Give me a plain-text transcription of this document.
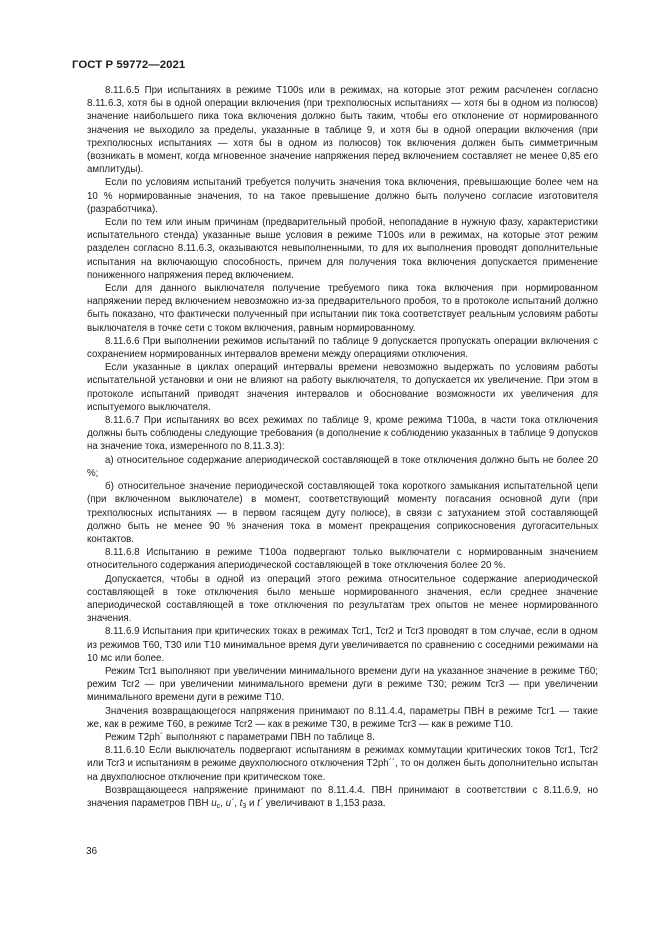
ГОСТ Р 59772—2021

8.11.6.5 При испытаниях в режиме T100s или в режимах, на которые этот режим расчленен согласно 8.11.6.3, хотя бы в одной операции включения (при трехполюсных испытаниях — хотя бы в одном из полюсов) значение наибольшего пика тока включения должно быть таким, чтобы его отклонение от нормированного значения не выходило за пределы, указанные в таблице 9, и хотя бы в одной операции включения (при трехполюсных испытаниях — хотя бы в одном из полюсов) ток включения должен быть симметричным (возникать в момент, когда мгновенное значение напряжения перед включением составляет не менее 0,85 его амплитуды).

Если по условиям испытаний требуется получить значения тока включения, превышающие более чем на 10 % нормированные значения, то на такое превышение должно быть получено согласие изготовителя (разработчика).

Если по тем или иным причинам (предварительный пробой, непопадание в нужную фазу, характеристики испытательного стенда) указанные выше условия в режиме T100s или в режимах, на которые этот режим разделен согласно 8.11.6.3, оказываются невыполненными, то для их выполнения проводят дополнительные испытания на включающую способность, причем для получения тока включения допускается применение пониженного напряжения перед включением.

Если для данного выключателя получение требуемого пика тока включения при нормированном напряжении перед включением невозможно из-за предварительного пробоя, то в протоколе испытаний должно быть показано, что фактически полученный при испытании пик тока соответствует реальным условиям работы выключателя в точке сети с током включения, равным нормированному.

8.11.6.6 При выполнении режимов испытаний по таблице 9 допускается пропускать операции включения с сохранением нормированных интервалов времени между операциями отключения.

Если указанные в циклах операций интервалы времени невозможно выдержать по условиям работы испытательной установки и они не влияют на работу выключателя, то допускается их увеличение. При этом в протоколе испытаний приводят значения интервалов и обоснование возможности их увеличения для испытуемого выключателя.

8.11.6.7 При испытаниях во всех режимах по таблице 9, кроме режима T100a, в части тока отключения должны быть соблюдены следующие требования (в дополнение к соблюдению указанных в таблице 9 допусков на значение тока, измеренного по 8.11.3.3):

а) относительное содержание апериодической составляющей в токе отключения должно быть не более 20 %;

б) относительное значение периодической составляющей тока короткого замыкания испытательной цепи (при включенном выключателе) в момент, соответствующий моменту погасания основной дуги (при трехполюсных испытаниях — в первом гасящем дугу полюсе), в связи с затуханием этой составляющей должно быть не менее 90 % значения тока в момент прекращения соприкосновения дугогасительных контактов.

8.11.6.8 Испытанию в режиме T100a подвергают только выключатели с нормированным значением относительного содержания апериодической составляющей в токе отключения более 20 %.

Допускается, чтобы в одной из операций этого режима относительное содержание апериодической составляющей в токе отключения было меньше нормированного значения, если среднее значение апериодической составляющей в токе отключения по результатам трех опытов не менее нормированного значения.

8.11.6.9 Испытания при критических токах в режимах Tcr1, Tcr2 и Tcr3 проводят в том случае, если в одном из режимов T60, T30 или T10 минимальное время дуги увеличивается по сравнению с соседними режимами на 10 мс или более.

Режим Tcr1 выполняют при увеличении минимального времени дуги на указанное значение в режиме T60; режим Tcr2 — при увеличении минимального времени дуги в режиме T30; режим Tcr3 — при увеличении минимального времени дуги в режиме T10.

Значения возвращающегося напряжения принимают по 8.11.4.4, параметры ПВН в режиме Tcr1 — такие же, как в режиме T60, в режиме Tcr2 — как в режиме T30, в режиме Tcr3 — как в режиме T10.

Режим T2ph´ выполняют с параметрами ПВН по таблице 8.

8.11.6.10 Если выключатель подвергают испытаниям в режимах коммутации критических токов Tcr1, Tcr2 или Tcr3 и испытаниям в режиме двухполюсного отключения T2ph´´, то он должен быть дополнительно испытан на двухполюсное отключение при критическом токе.

Возвращающееся напряжение принимают по 8.11.4.4. ПВН принимают в соответствии с 8.11.6.9, но значения параметров ПВН $u_c$, u´, $t_3$ и t´ увеличивают в 1,153 раза.

36
